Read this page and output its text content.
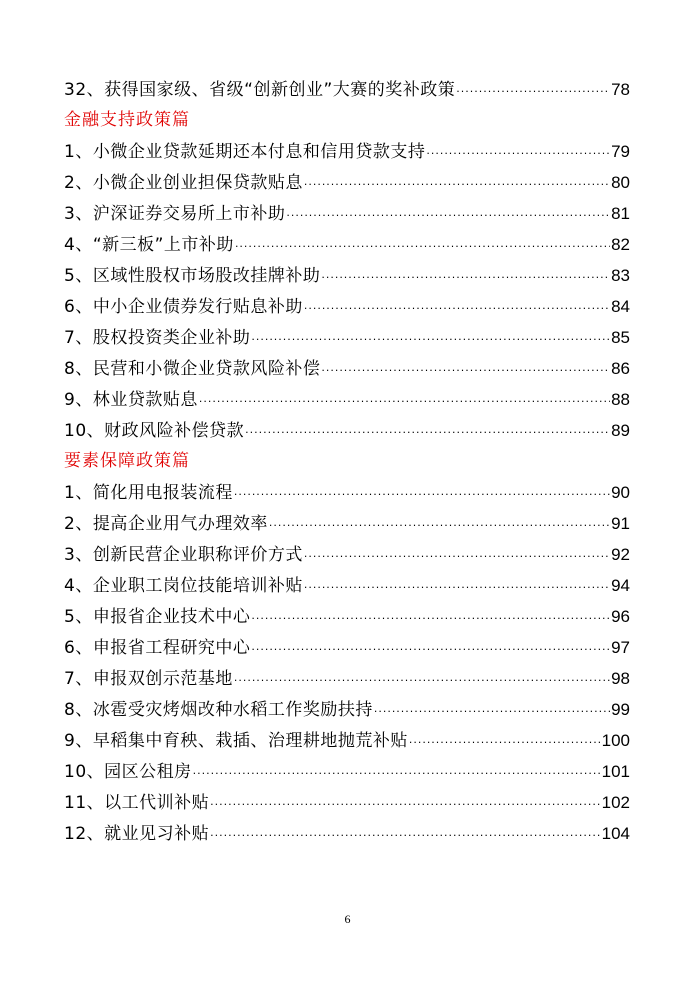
32、获得国家级、省级“创新创业”大赛的奖补政策 ·····	78
金融支持政策篇
1、小微企业贷款延期还本付息和信用贷款支持 ·····	79
2、小微企业创业担保贷款贴息 ·····	80
3、沪深证券交易所上市补助 ·····	81
4、“新三板”上市补助 ·····	82
5、区域性股权市场股改挂牌补助 ·····	83
6、中小企业债券发行贴息补助 ·····	84
7、股权投资类企业补助 ·····	85
8、民营和小微企业贷款风险补偿 ·····	86
9、林业贷款贴息 ·····	88
10、财政风险补偿贷款 ·····	89
要素保障政策篇
1、简化用电报装流程 ·····	90
2、提高企业用气办理效率 ·····	91
3、创新民营企业职称评价方式 ·····	92
4、企业职工岗位技能培训补贴 ·····	94
5、申报省企业技术中心 ·····	96
6、申报省工程研究中心 ·····	97
7、申报双创示范基地 ·····	98
8、冰雹受灾烤烟改种水稻工作奖励扶持 ·····	99
9、早稻集中育秧、栽插、治理耕地抛荒补贴 ·····	100
10、园区公租房 ·····	101
11、以工代训补贴 ·····	102
12、就业见习补贴 ·····	104
6
